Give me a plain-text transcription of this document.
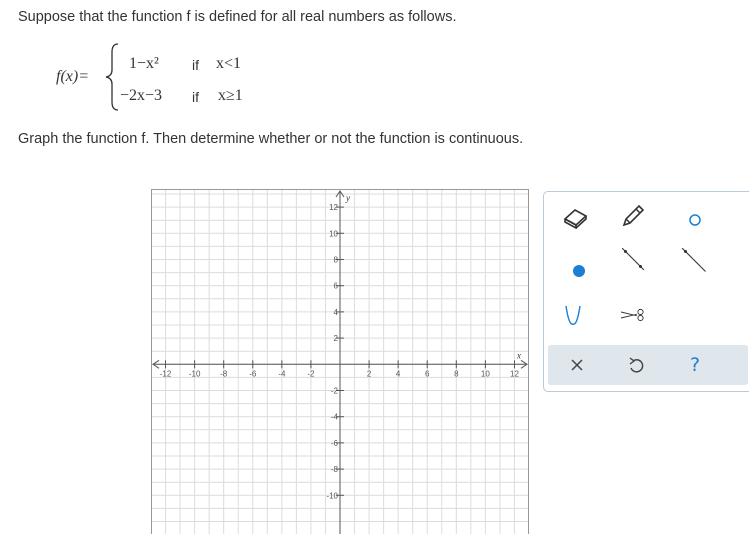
Suppose that the function f is defined for all real numbers as follows.
f(x)=
1−x² if x<1
−2x−3 if x≥1
Graph the function f. Then determine whether or not the function is continuous.
-12 -10 -8	-6	-4	-2	2	4	6	8	10	12
12
10
8
6
4
2
-2
-4
-6
-8
-10
x
y
?
